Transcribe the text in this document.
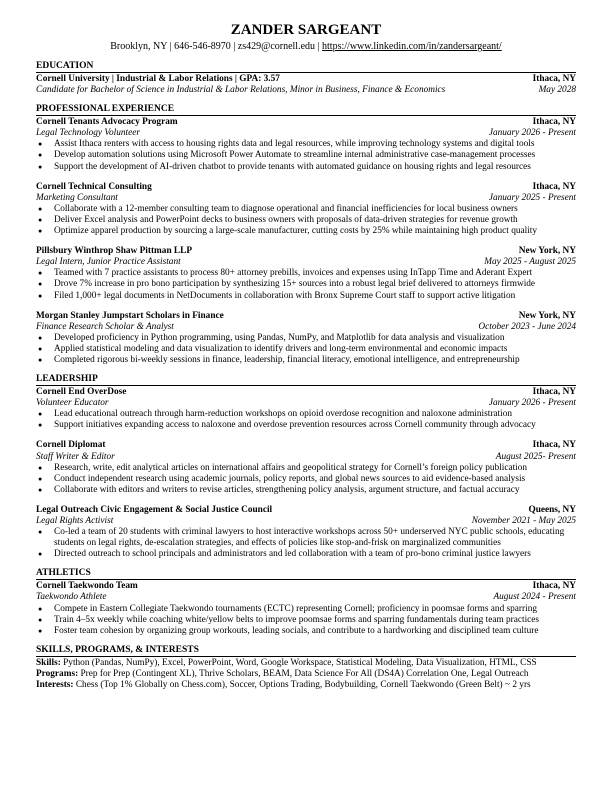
ZANDER SARGEANT
Brooklyn, NY | 646-546-8970 | zs429@cornell.edu | https://www.linkedin.com/in/zandersargeant/
EDUCATION
Cornell University | Industrial & Labor Relations | GPA: 3.57	Ithaca, NY
Candidate for Bachelor of Science in Industrial & Labor Relations, Minor in Business, Finance & Economics	May 2028
PROFESSIONAL EXPERIENCE
Cornell Tenants Advocacy Program	Ithaca, NY
Legal Technology Volunteer	January 2026 - Present
● Assist Ithaca renters with access to housing rights data and legal resources, while improving technology systems and digital tools
● Develop automation solutions using Microsoft Power Automate to streamline internal administrative case-management processes
● Support the development of AI-driven chatbot to provide tenants with automated guidance on housing rights and legal resources
Cornell Technical Consulting	Ithaca, NY
Marketing Consultant	January 2025 - Present
● Collaborate with a 12-member consulting team to diagnose operational and financial inefficiencies for local business owners
● Deliver Excel analysis and PowerPoint decks to business owners with proposals of data-driven strategies for revenue growth
● Optimize apparel production by sourcing a large-scale manufacturer, cutting costs by 25% while maintaining high product quality
Pillsbury Winthrop Shaw Pittman LLP	New York, NY
Legal Intern, Junior Practice Assistant	May 2025 - August 2025
● Teamed with 7 practice assistants to process 80+ attorney prebills, invoices and expenses using InTapp Time and Aderant Expert
● Drove 7% increase in pro bono participation by synthesizing 15+ sources into a robust legal brief delivered to attorneys firmwide
● Filed 1,000+ legal documents in NetDocuments in collaboration with Bronx Supreme Court staff to support active litigation
Morgan Stanley Jumpstart Scholars in Finance	New York, NY
Finance Research Scholar & Analyst	October 2023 - June 2024
● Developed proficiency in Python programming, using Pandas, NumPy, and Matplotlib for data analysis and visualization
● Applied statistical modeling and data visualization to identify drivers and long-term environmental and economic impacts
● Completed rigorous bi-weekly sessions in finance, leadership, financial literacy, emotional intelligence, and entrepreneurship
LEADERSHIP
Cornell End OverDose	Ithaca, NY
Volunteer Educator	January 2026 - Present
● Lead educational outreach through harm-reduction workshops on opioid overdose recognition and naloxone administration
● Support initiatives expanding access to naloxone and overdose prevention resources across Cornell community through advocacy
Cornell Diplomat	Ithaca, NY
Staff Writer & Editor	August 2025- Present
● Research, write, edit analytical articles on international affairs and geopolitical strategy for Cornell’s foreign policy publication
● Conduct independent research using academic journals, policy reports, and global news sources to aid evidence-based analysis
● Collaborate with editors and writers to revise articles, strengthening policy analysis, argument structure, and factual accuracy
Legal Outreach Civic Engagement & Social Justice Council	Queens, NY
Legal Rights Activist	November 2021 - May 2025
● Co-led a team of 20 students with criminal lawyers to host interactive workshops across 50+ underserved NYC public schools, educating students on legal rights, de-escalation strategies, and effects of policies like stop-and-frisk on marginalized communities
● Directed outreach to school principals and administrators and led collaboration with a team of pro-bono criminal justice lawyers
ATHLETICS
Cornell Taekwondo Team	Ithaca, NY
Taekwondo Athlete	August 2024 - Present
● Compete in Eastern Collegiate Taekwondo tournaments (ECTC) representing Cornell; proficiency in poomsae forms and sparring
● Train 4–5x weekly while coaching white/yellow belts to improve poomsae forms and sparring fundamentals during team practices
● Foster team cohesion by organizing group workouts, leading socials, and contribute to a hardworking and disciplined team culture
SKILLS, PROGRAMS, & INTERESTS
Skills: Python (Pandas, NumPy), Excel, PowerPoint, Word, Google Workspace, Statistical Modeling, Data Visualization, HTML, CSS
Programs: Prep for Prep (Contingent XL), Thrive Scholars, BEAM, Data Science For All (DS4A) Correlation One, Legal Outreach
Interests: Chess (Top 1% Globally on Chess.com), Soccer, Options Trading, Bodybuilding, Cornell Taekwondo (Green Belt) ~ 2 yrs
